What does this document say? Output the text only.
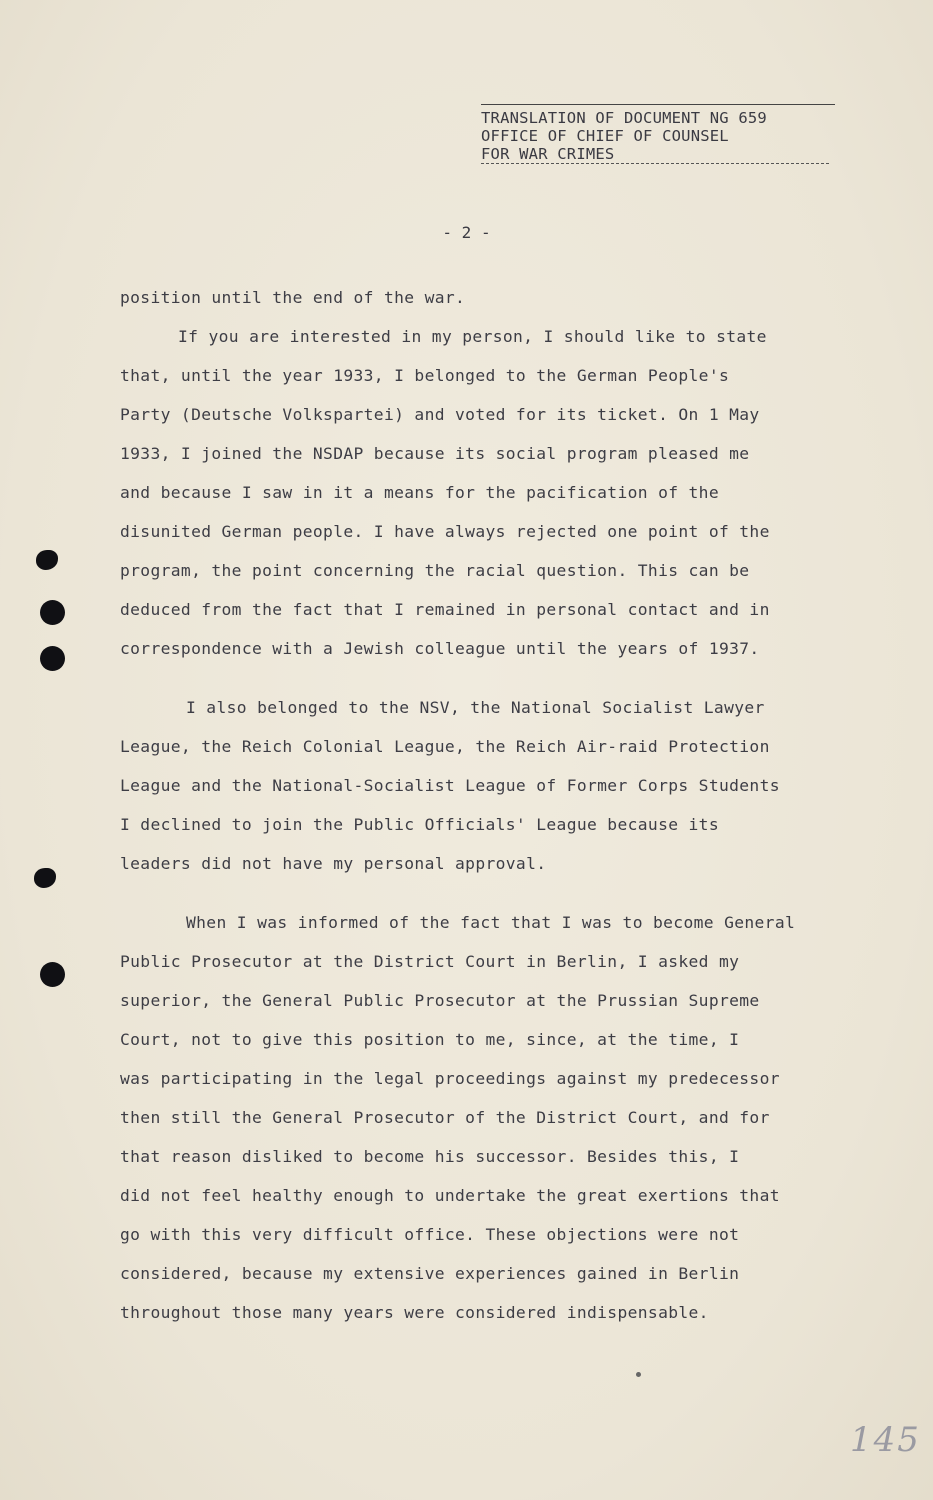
TRANSLATION OF DOCUMENT NG 659
OFFICE OF CHIEF OF COUNSEL
FOR WAR CRIMES
- 2 -
position until the end of the war.
If you are interested in my person, I should like to state
that, until the year 1933, I belonged to the German People's
Party (Deutsche Volkspartei) and voted for its ticket. On 1 May
1933, I joined the NSDAP because its social program pleased me
and because I saw in it a means for the pacification of the
disunited German people. I have always rejected one point of the
program, the point concerning the racial question. This can be
deduced from the fact that I remained in personal contact and in
correspondence with a Jewish colleague until the years of 1937.
I also belonged to the NSV, the National Socialist Lawyer
League, the Reich Colonial League, the Reich Air-raid Protection
League and the National-Socialist League of Former Corps Students
I declined to join the Public Officials' League because its
leaders did not have my personal approval.
When I was informed of the fact that I was to become General
Public Prosecutor at the District Court in Berlin, I asked my
superior, the General Public Prosecutor at the Prussian Supreme
Court, not to give this position to me, since, at the time, I
was participating in the legal proceedings against my predecessor
then still the General Prosecutor of the District Court, and for
that reason disliked to become his successor. Besides this, I
did not feel healthy enough to undertake the great exertions that
go with this very difficult office. These objections were not
considered, because my extensive experiences gained in Berlin
throughout those many years were considered indispensable.
145
